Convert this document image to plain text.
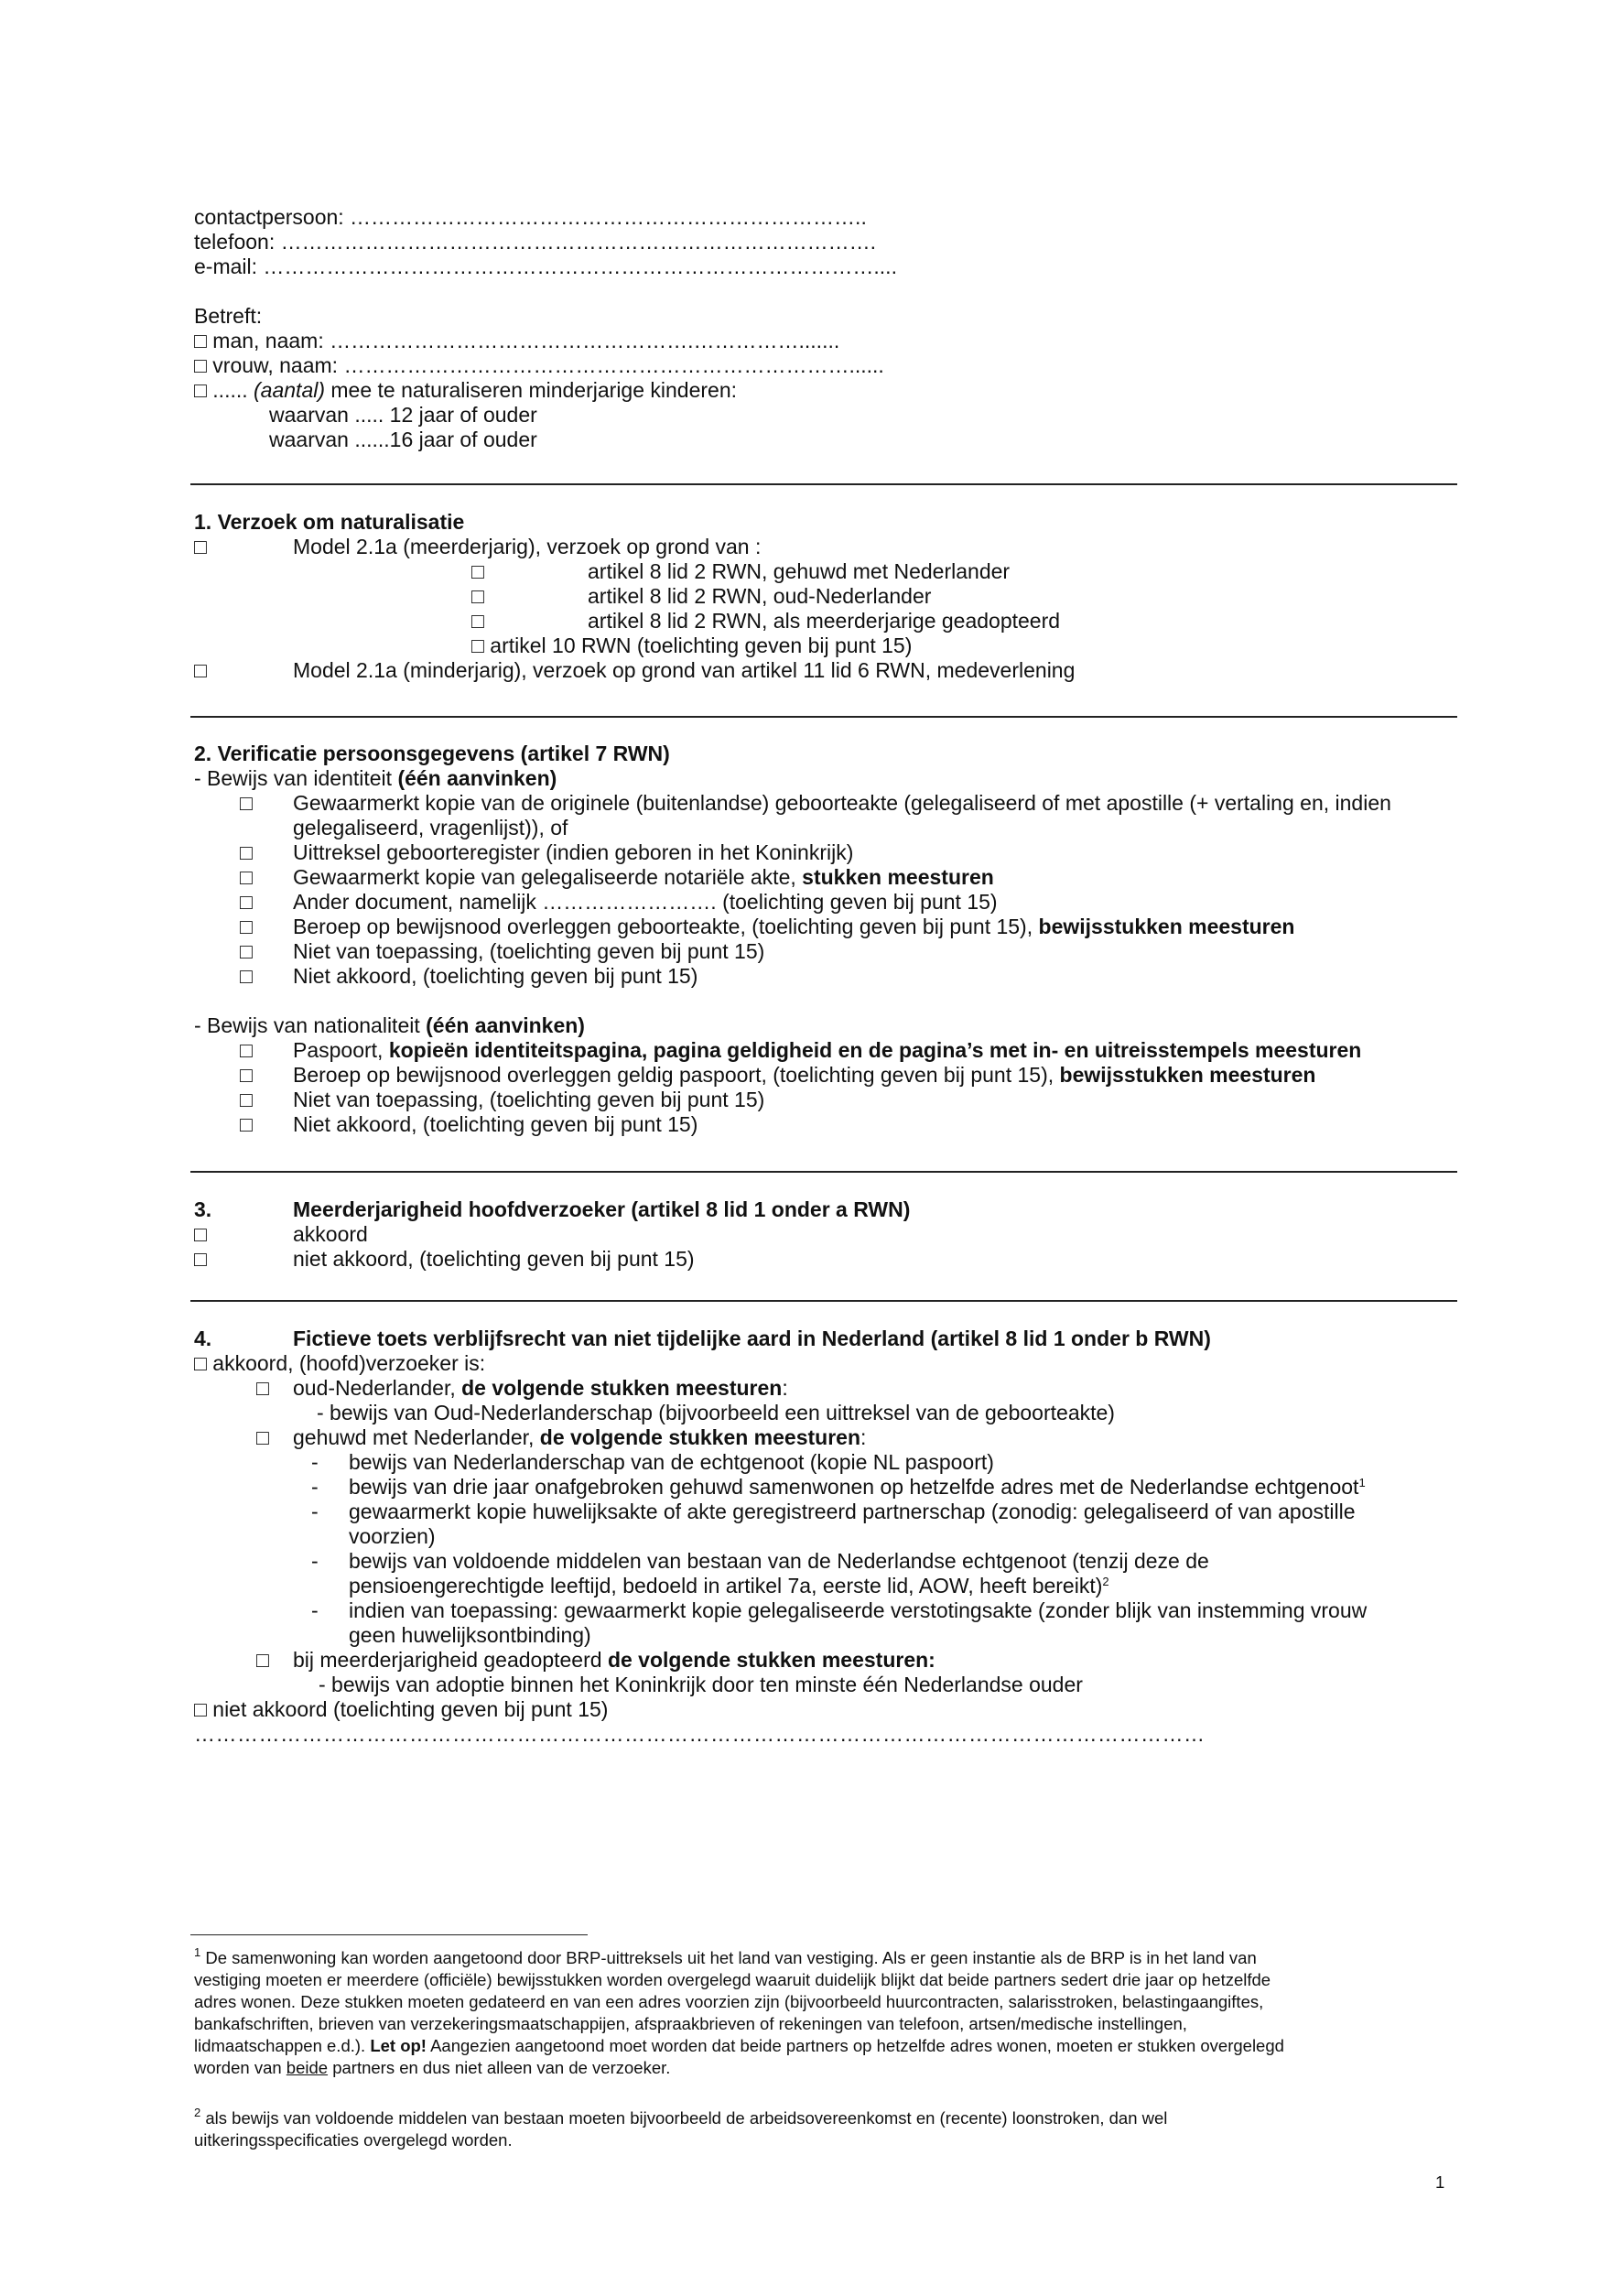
contactpersoon: ………………………………………………………………..
telefoon: ………………………………………………………………………….
e-mail: ……………………………………………………………………………....
Betreft:
□ man, naam: …………………………………………….…………….......
□ vrouw, naam: ………………………………………………………………......
□ ...... (aantal) mee te naturaliseren minderjarige kinderen:
waarvan ..... 12 jaar of ouder
waarvan ......16 jaar of ouder
1. Verzoek om naturalisatie
□	Model 2.1a (meerderjarig), verzoek op grond van :
□	artikel 8 lid 2 RWN, gehuwd met Nederlander
□	artikel 8 lid 2 RWN, oud-Nederlander
□	artikel 8 lid 2 RWN, als meerderjarige geadopteerd
□ artikel 10 RWN (toelichting geven bij punt 15)
□	Model 2.1a (minderjarig), verzoek op grond van artikel 11 lid 6 RWN, medeverlening
2. Verificatie persoonsgegevens (artikel 7 RWN)
- Bewijs van identiteit (één aanvinken)
□ Gewaarmerkt kopie van de originele (buitenlandse) geboorteakte (gelegaliseerd of met apostille (+ vertaling en, indien
gelegaliseerd, vragenlijst)), of
□ Uittreksel geboorteregister (indien geboren in het Koninkrijk)
□ Gewaarmerkt kopie van gelegaliseerde notariële akte, stukken meesturen
□ Ander document, namelijk ……………………. (toelichting geven bij punt 15)
□ Beroep op bewijsnood overleggen geboorteakte, (toelichting geven bij punt 15), bewijsstukken meesturen
□ Niet van toepassing, (toelichting geven bij punt 15)
□ Niet akkoord, (toelichting geven bij punt 15)
- Bewijs van nationaliteit (één aanvinken)
□ Paspoort, kopieën identiteitspagina, pagina geldigheid en de pagina’s met in- en uitreisstempels meesturen
□ Beroep op bewijsnood overleggen geldig paspoort, (toelichting geven bij punt 15), bewijsstukken meesturen
□ Niet van toepassing, (toelichting geven bij punt 15)
□ Niet akkoord, (toelichting geven bij punt 15)
3.	Meerderjarigheid hoofdverzoeker (artikel 8 lid 1 onder a RWN)
□	akkoord
□	niet akkoord, (toelichting geven bij punt 15)
4.	Fictieve toets verblijfsrecht van niet tijdelijke aard in Nederland (artikel 8 lid 1 onder b RWN)
□ akkoord, (hoofd)verzoeker is:
□ oud-Nederlander, de volgende stukken meesturen:
- bewijs van Oud-Nederlanderschap (bijvoorbeeld een uittreksel van de geboorteakte)
□ gehuwd met Nederlander, de volgende stukken meesturen:
- bewijs van Nederlanderschap van de echtgenoot (kopie NL paspoort)
- bewijs van drie jaar onafgebroken gehuwd samenwonen op hetzelfde adres met de Nederlandse echtgenoot$^1$
- gewaarmerkt kopie huwelijksakte of akte geregistreerd partnerschap (zonodig: gelegaliseerd of van apostille
voorzien)
- bewijs van voldoende middelen van bestaan van de Nederlandse echtgenoot (tenzij deze de
pensioengerechtigde leeftijd, bedoeld in artikel 7a, eerste lid, AOW, heeft bereikt)$^2$
- indien van toepassing: gewaarmerkt kopie gelegaliseerde verstotingsakte (zonder blijk van instemming vrouw
geen huwelijksontbinding)
□ bij meerderjarigheid geadopteerd de volgende stukken meesturen:
- bewijs van adoptie binnen het Koninkrijk door ten minste één Nederlandse ouder
□ niet akkoord (toelichting geven bij punt 15)
……………………………………………………………………………………………………………………………
$^1$ De samenwoning kan worden aangetoond door BRP-uittreksels uit het land van vestiging. Als er geen instantie als de BRP is in het land van
vestiging moeten er meerdere (officiële) bewijsstukken worden overgelegd waaruit duidelijk blijkt dat beide partners sedert drie jaar op hetzelfde
adres wonen. Deze stukken moeten gedateerd en van een adres voorzien zijn (bijvoorbeeld huurcontracten, salarisstroken, belastingaangiftes,
bankafschriften, brieven van verzekeringsmaatschappijen, afspraakbrieven of rekeningen van telefoon, artsen/medische instellingen,
lidmaatschappen e.d.). Let op! Aangezien aangetoond moet worden dat beide partners op hetzelfde adres wonen, moeten er stukken overgelegd
worden van beide partners en dus niet alleen van de verzoeker.
$^2$ als bewijs van voldoende middelen van bestaan moeten bijvoorbeeld de arbeidsovereenkomst en (recente) loonstroken, dan wel
uitkeringsspecificaties overgelegd worden.
1
